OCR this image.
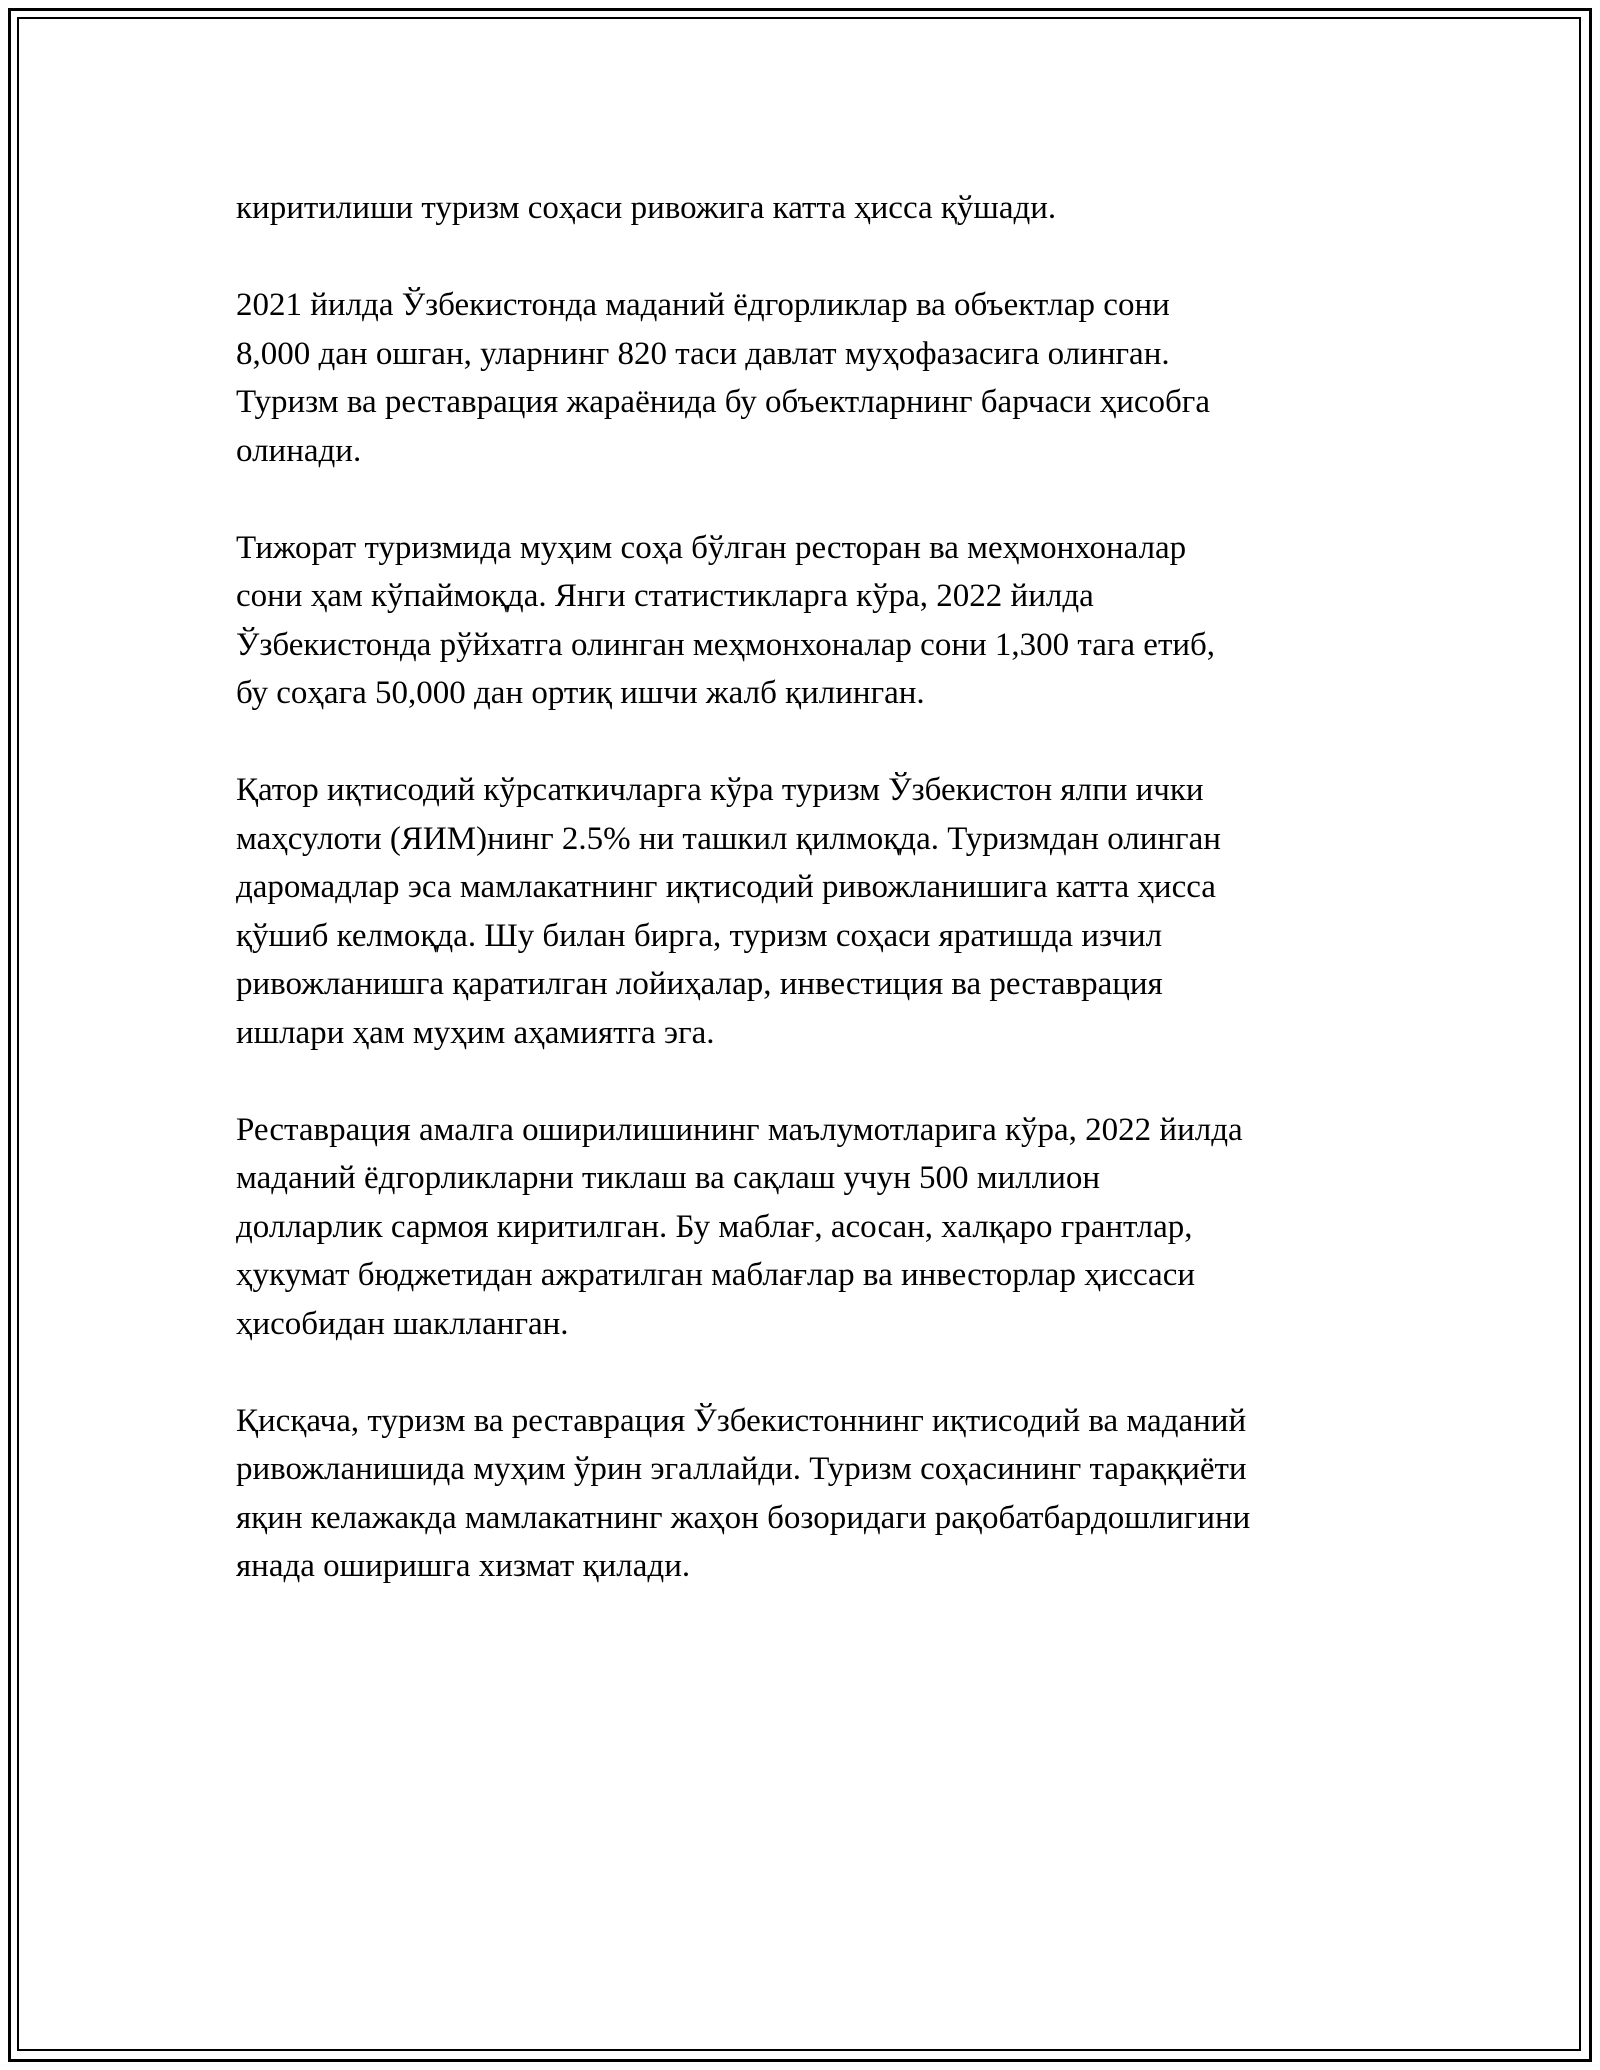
киритилиши туризм соҳаси ривожига катта ҳисса қўшади.

2021 йилда Ўзбекистонда маданий ёдгорликлар ва объектлар сони
8,000 дан ошган, уларнинг 820 таси давлат муҳофазасига олинган.
Туризм ва реставрация жараёнида бу объектларнинг барчаси ҳисобга
олинади.

Тижорат туризмида муҳим соҳа бўлган ресторан ва меҳмонхоналар
сони ҳам кўпаймоқда. Янги статистикларга кўра, 2022 йилда
Ўзбекистонда рўйхатга олинган меҳмонхоналар сони 1,300 тага етиб,
бу соҳага 50,000 дан ортиқ ишчи жалб қилинган.

Қатор иқтисодий кўрсаткичларга кўра туризм Ўзбекистон ялпи ички
маҳсулоти (ЯИМ)нинг 2.5% ни ташкил қилмоқда. Туризмдан олинган
даромадлар эса мамлакатнинг иқтисодий ривожланишига катта ҳисса
қўшиб келмоқда. Шу билан бирга, туризм соҳаси яратишда изчил
ривожланишга қаратилган лойиҳалар, инвестиция ва реставрация
ишлари ҳам муҳим аҳамиятга эга.

Реставрация амалга оширилишининг маълумотларига кўра, 2022 йилда
маданий ёдгорликларни тиклаш ва сақлаш учун 500 миллион
долларлик сармоя киритилган. Бу маблағ, асосан, халқаро грантлар,
ҳукумат бюджетидан ажратилган маблағлар ва инвесторлар ҳиссаси
ҳисобидан шаклланган.

Қисқача, туризм ва реставрация Ўзбекистоннинг иқтисодий ва маданий
ривожланишида муҳим ўрин эгаллайди. Туризм соҳасининг тараққиёти
яқин келажакда мамлакатнинг жаҳон бозоридаги рақобатбардошлигини
янада оширишга хизмат қилади.
